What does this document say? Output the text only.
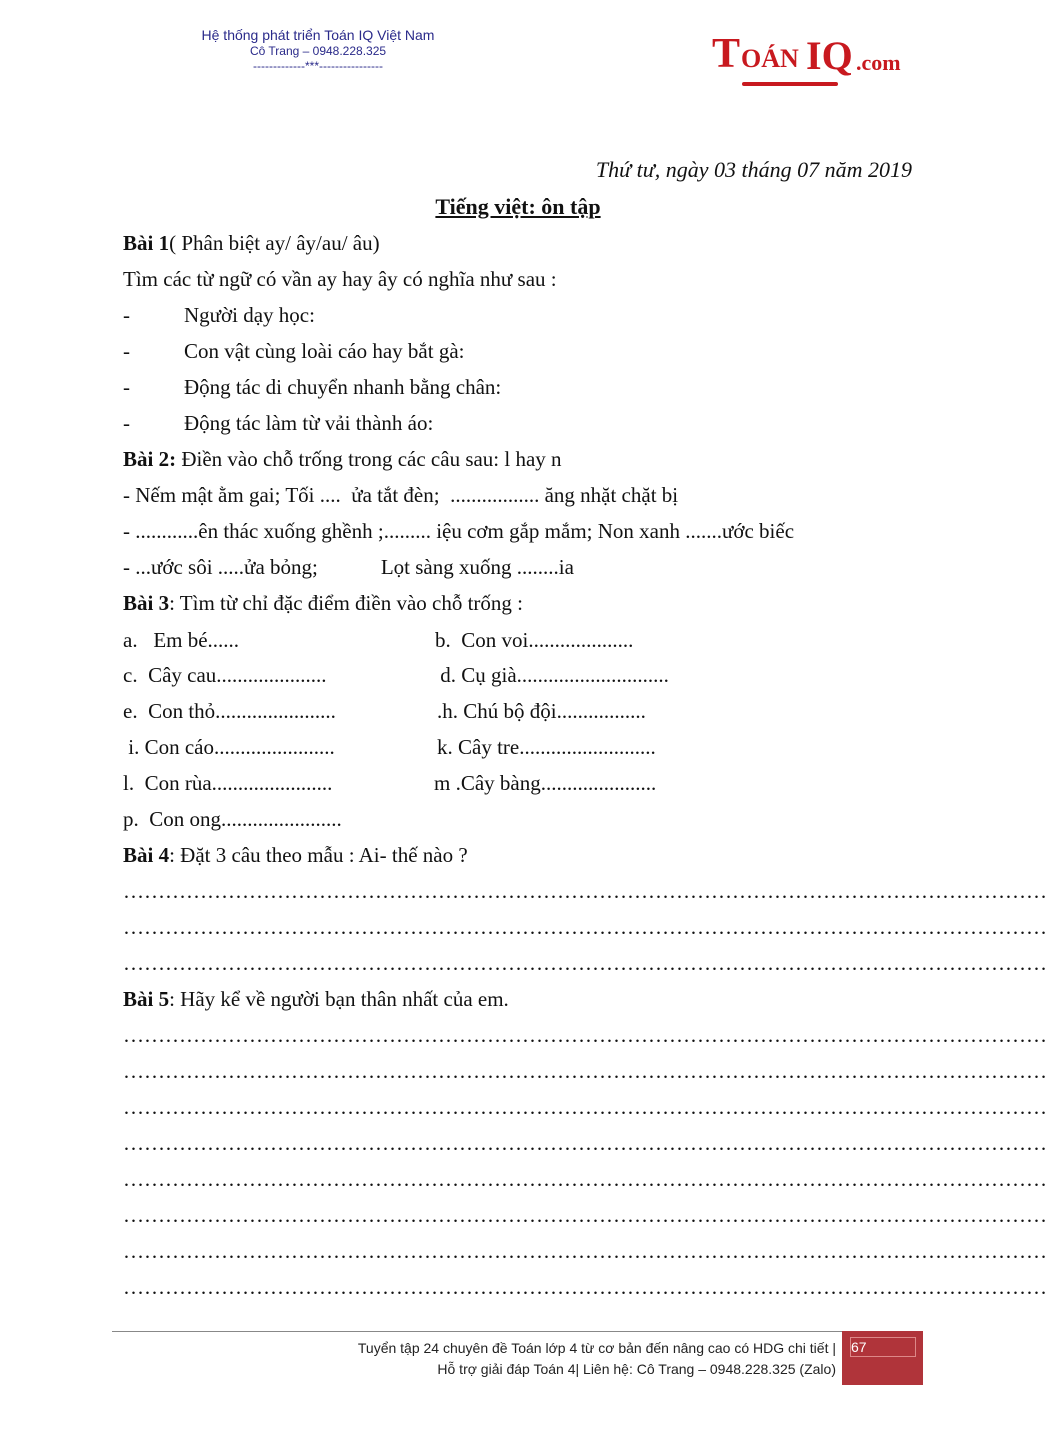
Hệ thống phát triển Toán IQ Việt Nam
Cô Trang – 0948.228.325
-------------***----------------	T OÁN IQ .com
Thứ tư, ngày 03 tháng 07 năm 2019
Tiếng việt: ôn tập
Bài 1( Phân biệt ay/ ây/au/ âu)
Tìm các từ ngữ có vần ay hay ây có nghĩa như sau :
-	Người dạy học:
-	Con vật cùng loài cáo hay bắt gà:
-	Động tác di chuyển nhanh bằng chân:
-	Động tác làm từ vải thành áo:
Bài 2: Điền vào chỗ trống trong các câu sau: l hay n
- Nếm mật ằm gai; Tối ....  ửa tắt đèn;  ................. ăng nhặt chặt bị
- ............ên thác xuống ghềnh ;......... iệu cơm gắp mắm; Non xanh .......ước biếc
- ...ước sôi .....ửa bỏng;            Lọt sàng xuống ........ia
Bài 3: Tìm từ chỉ đặc điểm điền vào chỗ trống :
a.   Em bé......	b.  Con voi....................
c.  Cây cau.....................	d. Cụ già.............................
e.  Con thỏ.......................	.h. Chú bộ đội.................
i. Con cáo.......................	k. Cây tre..........................
l.  Con rùa.......................	m .Cây bàng......................
p.  Con ong.......................
Bài 4: Đặt 3 câu theo mẫu : Ai- thế nào ?
……………………………………………………………………………………………………………………
……………………………………………………………………………………………………………………
……………………………………………………………………………………………………………………
Bài 5: Hãy kể về người bạn thân nhất của em.
……………………………………………………………………………………………………………………
……………………………………………………………………………………………………………………
……………………………………………………………………………………………………………………
……………………………………………………………………………………………………………………
……………………………………………………………………………………………………………………
……………………………………………………………………………………………………………………
……………………………………………………………………………………………………………………
……………………………………………………………………………………………………………………
Tuyển tập 24 chuyên đề Toán lớp 4 từ cơ bản đến nâng cao có HDG chi tiết |
Hỗ trợ giải đáp Toán 4| Liên hệ: Cô Trang – 0948.228.325 (Zalo)
67
